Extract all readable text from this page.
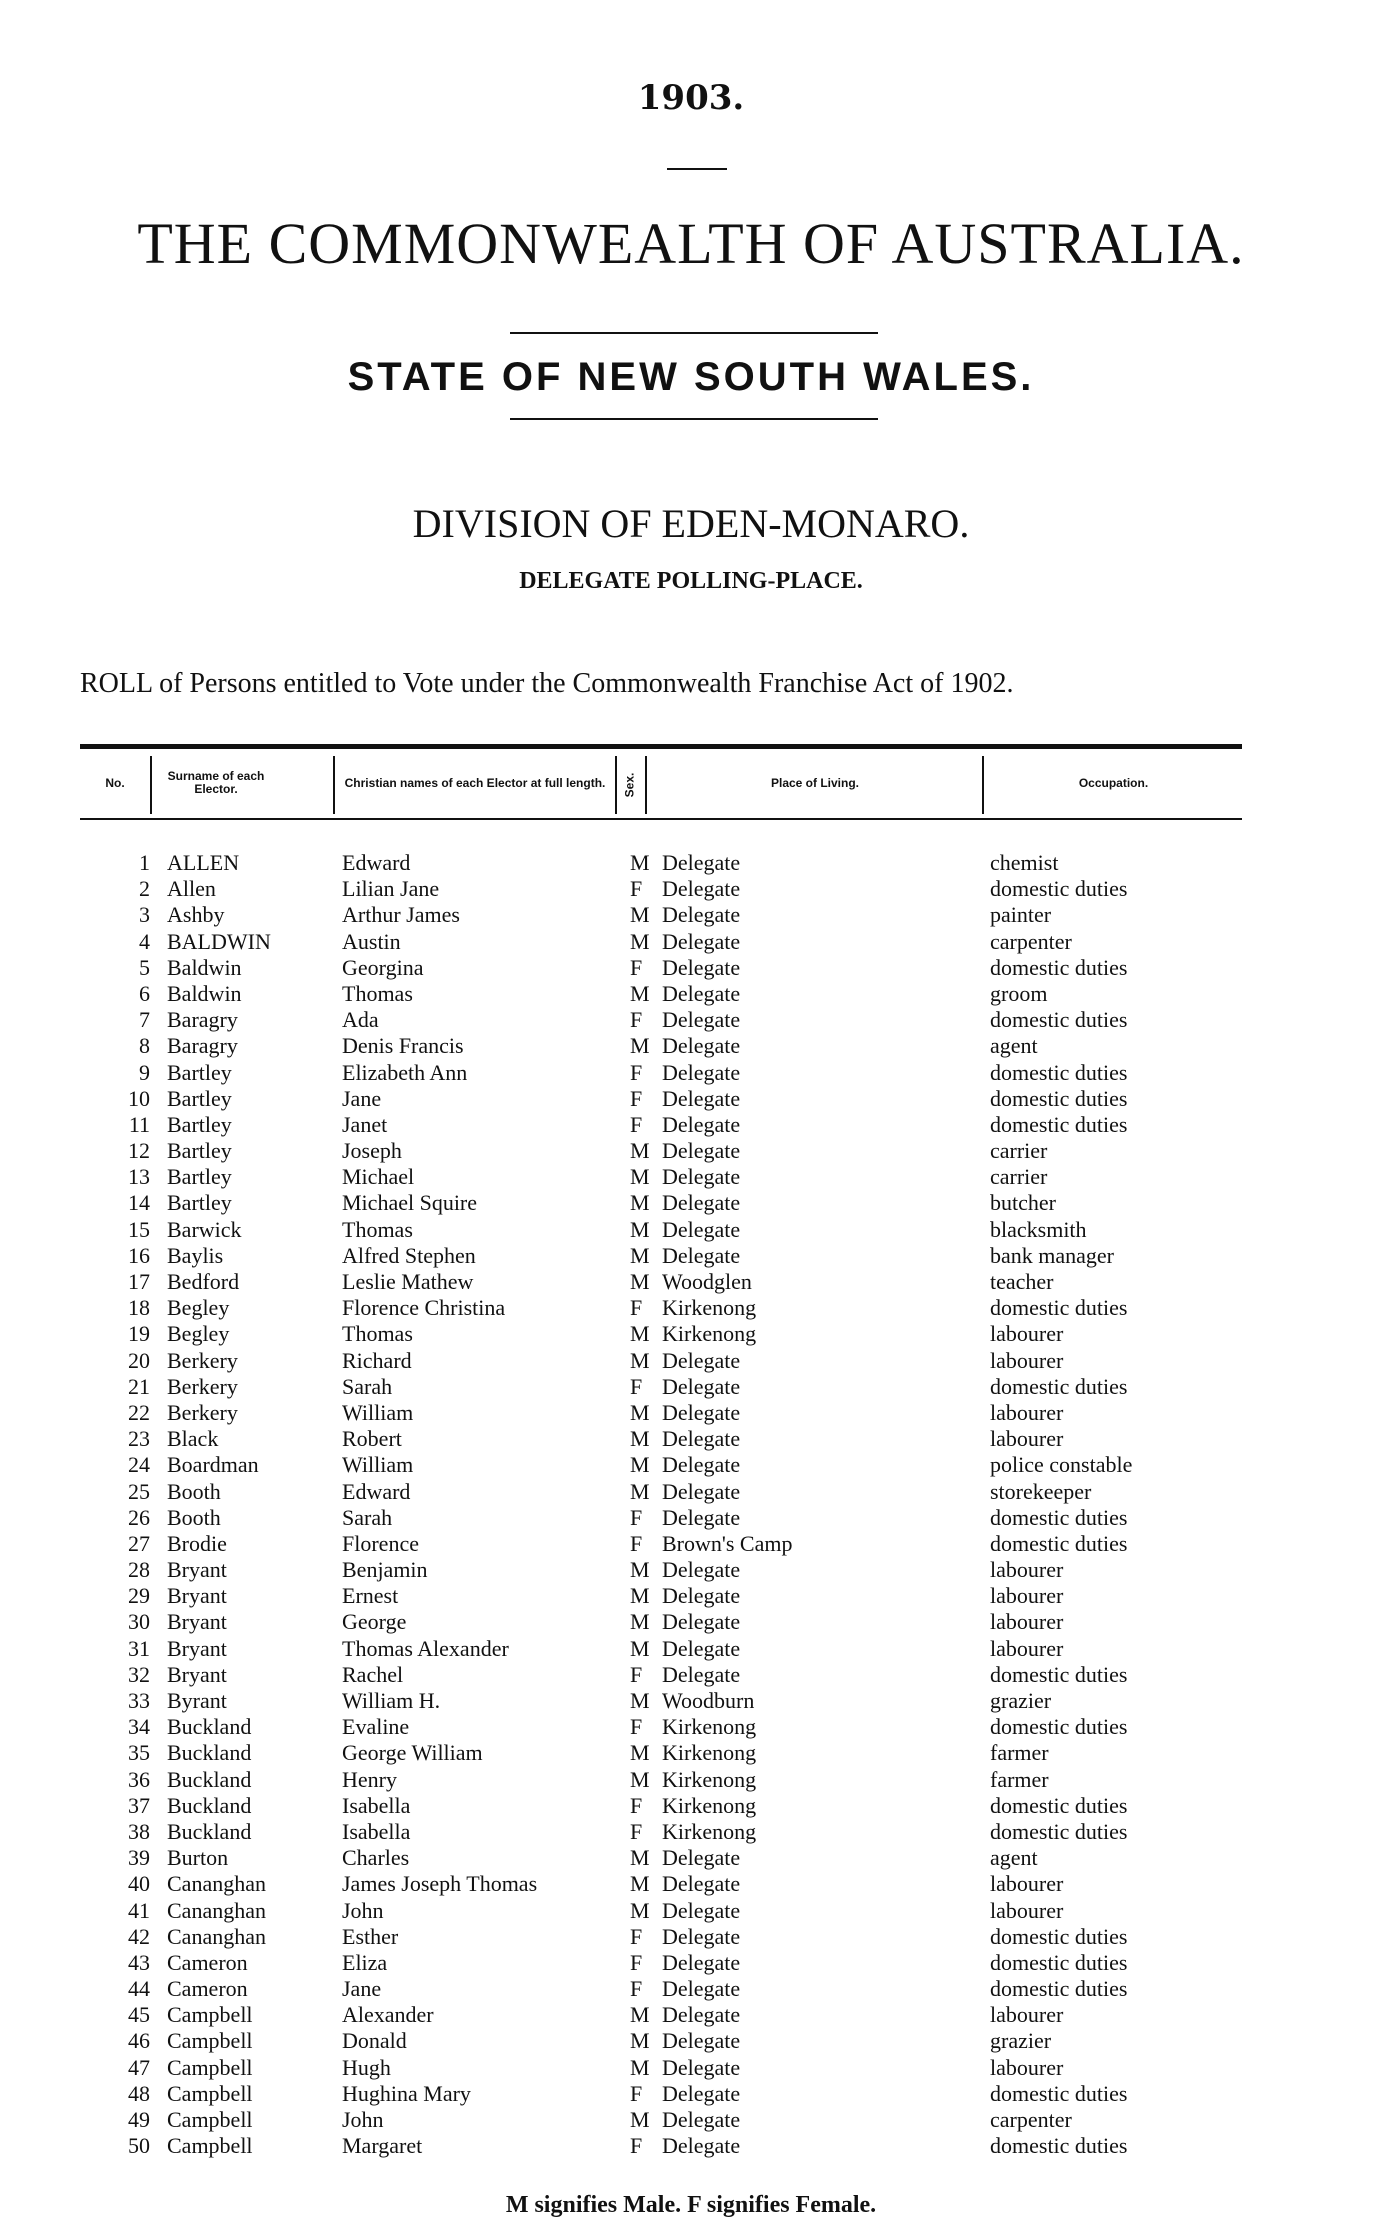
1903.
THE COMMONWEALTH OF AUSTRALIA.
STATE OF NEW SOUTH WALES.
DIVISION OF EDEN-MONARO.
DELEGATE POLLING-PLACE.
ROLL of Persons entitled to Vote under the Commonwealth Franchise Act of 1902.
No.	Surname of each Elector.	Christian names of each Elector at full length.	Sex.	Place of Living.	Occupation.
1 ALLEN	Edward	M Delegate	chemist
2 Allen	Lilian Jane	F Delegate	domestic duties
3 Ashby	Arthur James	M Delegate	painter
4 BALDWIN	Austin	M Delegate	carpenter
5 Baldwin	Georgina	F Delegate	domestic duties
6 Baldwin	Thomas	M Delegate	groom
7 Baragry	Ada	F Delegate	domestic duties
8 Baragry	Denis Francis	M Delegate	agent
9 Bartley	Elizabeth Ann	F Delegate	domestic duties
10 Bartley	Jane	F Delegate	domestic duties
11 Bartley	Janet	F Delegate	domestic duties
12 Bartley	Joseph	M Delegate	carrier
13 Bartley	Michael	M Delegate	carrier
14 Bartley	Michael Squire	M Delegate	butcher
15 Barwick	Thomas	M Delegate	blacksmith
16 Baylis	Alfred Stephen	M Delegate	bank manager
17 Bedford	Leslie Mathew	M Woodglen	teacher
18 Begley	Florence Christina	F Kirkenong	domestic duties
19 Begley	Thomas	M Kirkenong	labourer
20 Berkery	Richard	M Delegate	labourer
21 Berkery	Sarah	F Delegate	domestic duties
22 Berkery	William	M Delegate	labourer
23 Black	Robert	M Delegate	labourer
24 Boardman	William	M Delegate	police constable
25 Booth	Edward	M Delegate	storekeeper
26 Booth	Sarah	F Delegate	domestic duties
27 Brodie	Florence	F Brown's Camp	domestic duties
28 Bryant	Benjamin	M Delegate	labourer
29 Bryant	Ernest	M Delegate	labourer
30 Bryant	George	M Delegate	labourer
31 Bryant	Thomas Alexander	M Delegate	labourer
32 Bryant	Rachel	F Delegate	domestic duties
33 Byrant	William H.	M Woodburn	grazier
34 Buckland	Evaline	F Kirkenong	domestic duties
35 Buckland	George William	M Kirkenong	farmer
36 Buckland	Henry	M Kirkenong	farmer
37 Buckland	Isabella	F Kirkenong	domestic duties
38 Buckland	Isabella	F Kirkenong	domestic duties
39 Burton	Charles	M Delegate	agent
40 Cananghan	James Joseph Thomas	M Delegate	labourer
41 Cananghan	John	M Delegate	labourer
42 Cananghan	Esther	F Delegate	domestic duties
43 Cameron	Eliza	F Delegate	domestic duties
44 Cameron	Jane	F Delegate	domestic duties
45 Campbell	Alexander	M Delegate	labourer
46 Campbell	Donald	M Delegate	grazier
47 Campbell	Hugh	M Delegate	labourer
48 Campbell	Hughina Mary	F Delegate	domestic duties
49 Campbell	John	M Delegate	carpenter
50 Campbell	Margaret	F Delegate	domestic duties
M signifies Male. F signifies Female.
